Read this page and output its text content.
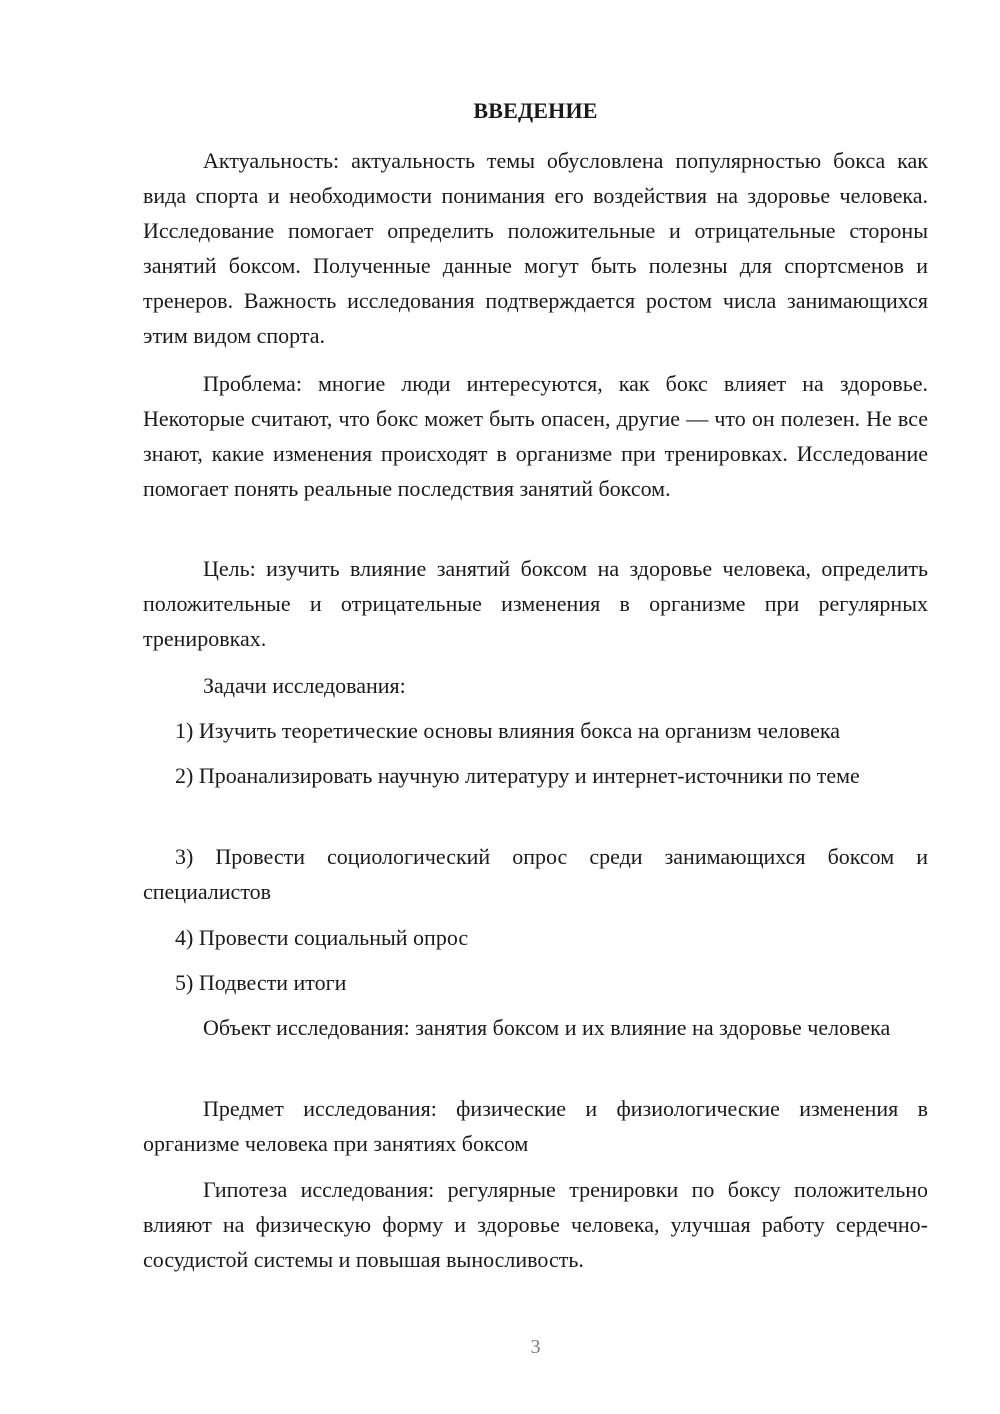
ВВЕДЕНИЕ

Актуальность: актуальность темы обусловлена популярностью бокса как вида спорта и необходимости понимания его воздействия на здоровье человека. Исследование помогает определить положительные и отрицательные стороны занятий боксом. Полученные данные могут быть полезны для спортсменов и тренеров. Важность исследования подтверждается ростом числа занимающихся этим видом спорта.

Проблема: многие люди интересуются, как бокс влияет на здоровье. Некоторые считают, что бокс может быть опасен, другие — что он полезен. Не все знают, какие изменения происходят в организме при тренировках. Исследование помогает понять реальные последствия занятий боксом.

Цель: изучить влияние занятий боксом на здоровье человека, определить положительные и отрицательные изменения в организме при регулярных тренировках.

Задачи исследования:

1) Изучить теоретические основы влияния бокса на организм человека

2) Проанализировать научную литературу и интернет-источники по теме

3) Провести социологический опрос среди занимающихся боксом и специалистов

4) Провести социальный опрос

5) Подвести итоги

Объект исследования: занятия боксом и их влияние на здоровье человека

Предмет исследования: физические и физиологические изменения в организме человека при занятиях боксом

Гипотеза исследования: регулярные тренировки по боксу положительно влияют на физическую форму и здоровье человека, улучшая работу сердечно-сосудистой системы и повышая выносливость.

3
